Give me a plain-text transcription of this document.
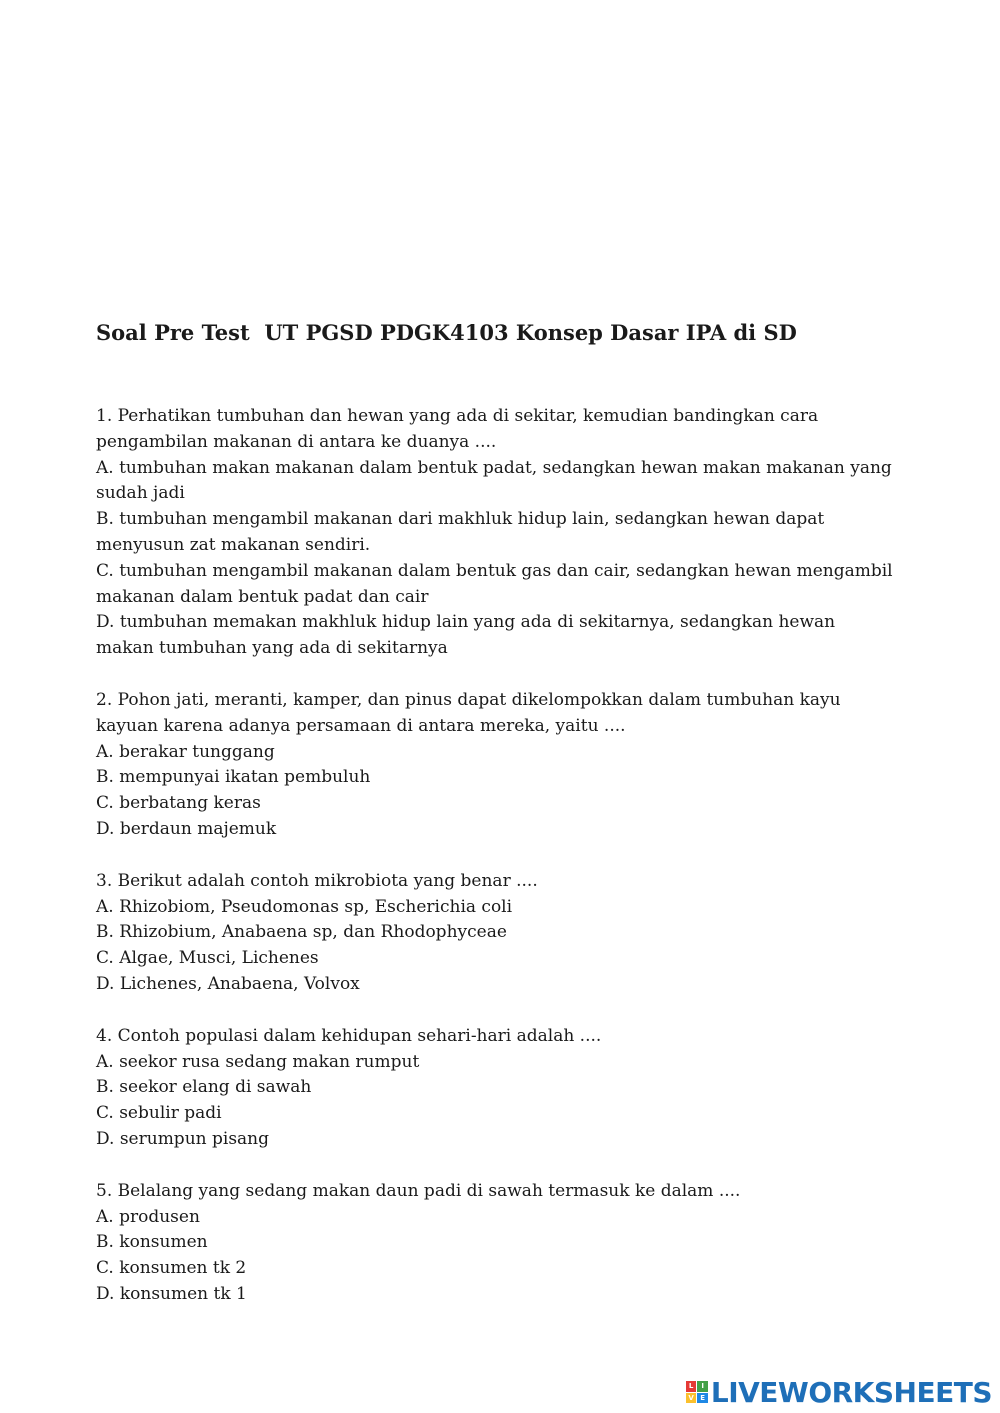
Soal Pre Test  UT PGSD PDGK4103 Konsep Dasar IPA di SD
1. Perhatikan tumbuhan dan hewan yang ada di sekitar, kemudian bandingkan cara pengambilan makanan di antara ke duanya ....
A. tumbuhan makan makanan dalam bentuk padat, sedangkan hewan makan makanan yang sudah jadi
B. tumbuhan mengambil makanan dari makhluk hidup lain, sedangkan hewan dapat menyusun zat makanan sendiri.
C. tumbuhan mengambil makanan dalam bentuk gas dan cair, sedangkan hewan mengambil makanan dalam bentuk padat dan cair
D. tumbuhan memakan makhluk hidup lain yang ada di sekitarnya, sedangkan hewan makan tumbuhan yang ada di sekitarnya
2. Pohon jati, meranti, kamper, dan pinus dapat dikelompokkan dalam tumbuhan kayu kayuan karena adanya persamaan di antara mereka, yaitu ....
A. berakar tunggang
B. mempunyai ikatan pembuluh
C. berbatang keras
D. berdaun majemuk
3. Berikut adalah contoh mikrobiota yang benar ....
A. Rhizobiom, Pseudomonas sp, Escherichia coli
B. Rhizobium, Anabaena sp, dan Rhodophyceae
C. Algae, Musci, Lichenes
D. Lichenes, Anabaena, Volvox
4. Contoh populasi dalam kehidupan sehari-hari adalah ....
A. seekor rusa sedang makan rumput
B. seekor elang di sawah
C. sebulir padi
D. serumpun pisang
5. Belalang yang sedang makan daun padi di sawah termasuk ke dalam ....
A. produsen
B. konsumen
C. konsumen tk 2
D. konsumen tk 1
L	I
V E LIVEWORKSHEETS
